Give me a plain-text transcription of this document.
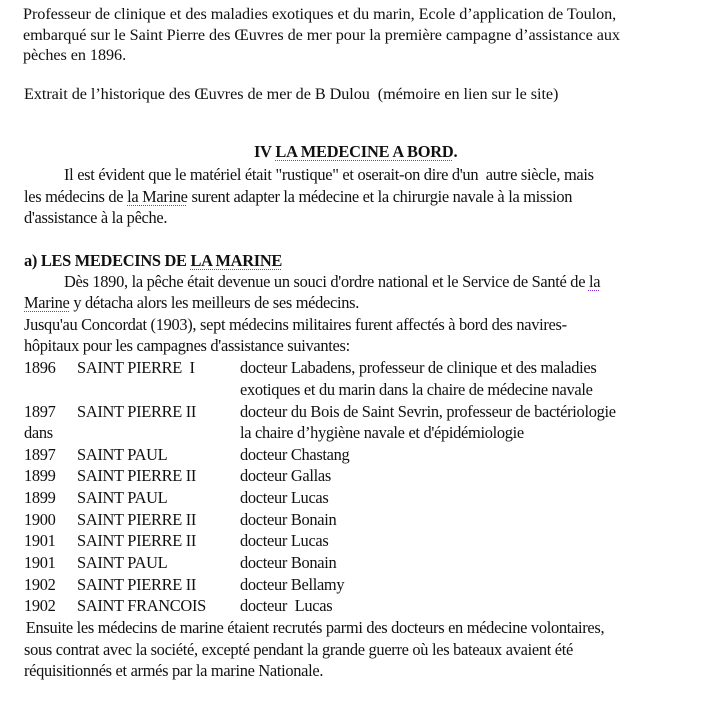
Professeur de clinique et des maladies exotiques et du marin, Ecole d’application de Toulon,
embarqué sur le Saint Pierre des Œuvres de mer pour la première campagne d’assistance aux
pèches en 1896.
Extrait de l’historique des Œuvres de mer de B Dulou  (mémoire en lien sur le site)
IV LA MEDECINE A BORD.
Il est évident que le matériel était "rustique" et oserait-on dire d'un  autre siècle, mais
les médecins de la Marine surent adapter la médecine et la chirurgie navale à la mission
d'assistance à la pêche.
a) LES MEDECINS DE LA MARINE
Dès 1890, la pêche était devenue un souci d'ordre national et le Service de Santé de la
Marine y détacha alors les meilleurs de ses médecins.
Jusqu'au Concordat (1903), sept médecins militaires furent affectés à bord des navires-
hôpitaux pour les campagnes d'assistance suivantes:
1896 SAINT PIERRE  I	docteur Labadens, professeur de clinique et des maladies
exotiques et du marin dans la chaire de médecine navale
1897 SAINT PIERRE II	docteur du Bois de Saint Sevrin, professeur de bactériologie
dans	la chaire d’hygiène navale et d'épidémiologie
1897 SAINT PAUL	docteur Chastang
1899 SAINT PIERRE II	docteur Gallas
1899 SAINT PAUL	docteur Lucas
1900 SAINT PIERRE II	docteur Bonain
1901 SAINT PIERRE II	docteur Lucas
1901 SAINT PAUL	docteur Bonain
1902 SAINT PIERRE II	docteur Bellamy
1902 SAINT FRANCOIS docteur  Lucas
Ensuite les médecins de marine étaient recrutés parmi des docteurs en médecine volontaires,
sous contrat avec la société, excepté pendant la grande guerre où les bateaux avaient été
réquisitionnés et armés par la marine Nationale.
